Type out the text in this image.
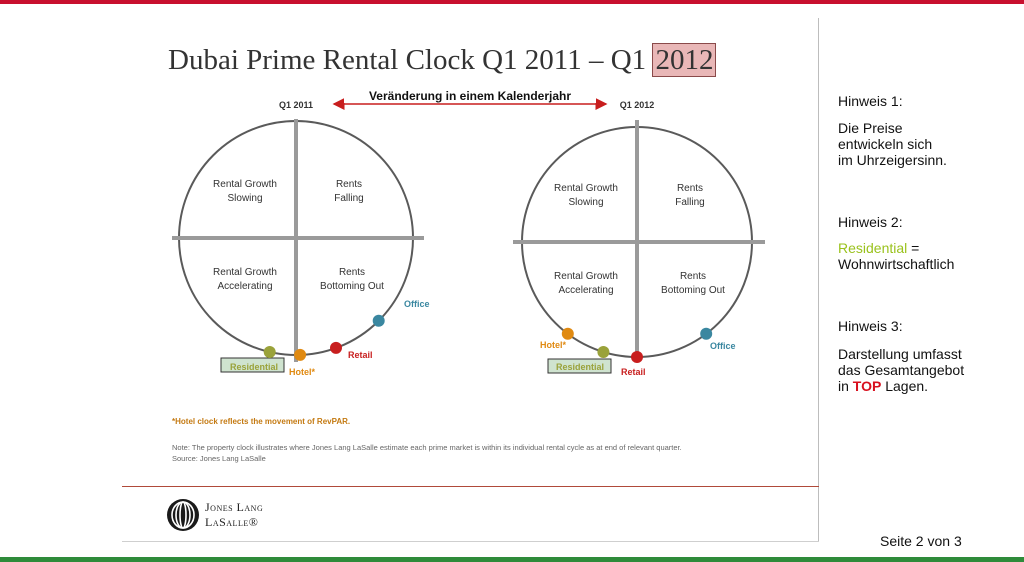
Dubai Prime Rental Clock Q1 2011 – Q1 2012
Veränderung in einem Kalenderjahr
Q1 2011
Rental Growth Slowing
Rents Falling
Rental Growth Accelerating
Rents Bottoming Out
Office
Retail
Hotel*
Residential
Q1 2012
Rental Growth Slowing
Rents Falling
Rental Growth Accelerating
Rents Bottoming Out
Office
Retail
Residential
Hotel*
*Hotel clock reflects the movement of RevPAR.
Note: The property clock illustrates where Jones Lang LaSalle estimate each prime market is within its individual rental cycle as at end of relevant quarter.
Source: Jones Lang LaSalle
Jones Lang
LaSalle®
Hinweis 1:
Die Preise
entwickeln sich
im Uhrzeigersinn.
Hinweis 2:
Residential =
Wohnwirtschaftlich
Hinweis 3:
Darstellung umfasst
das Gesamtangebot
in TOP Lagen.
Seite 2 von 3
